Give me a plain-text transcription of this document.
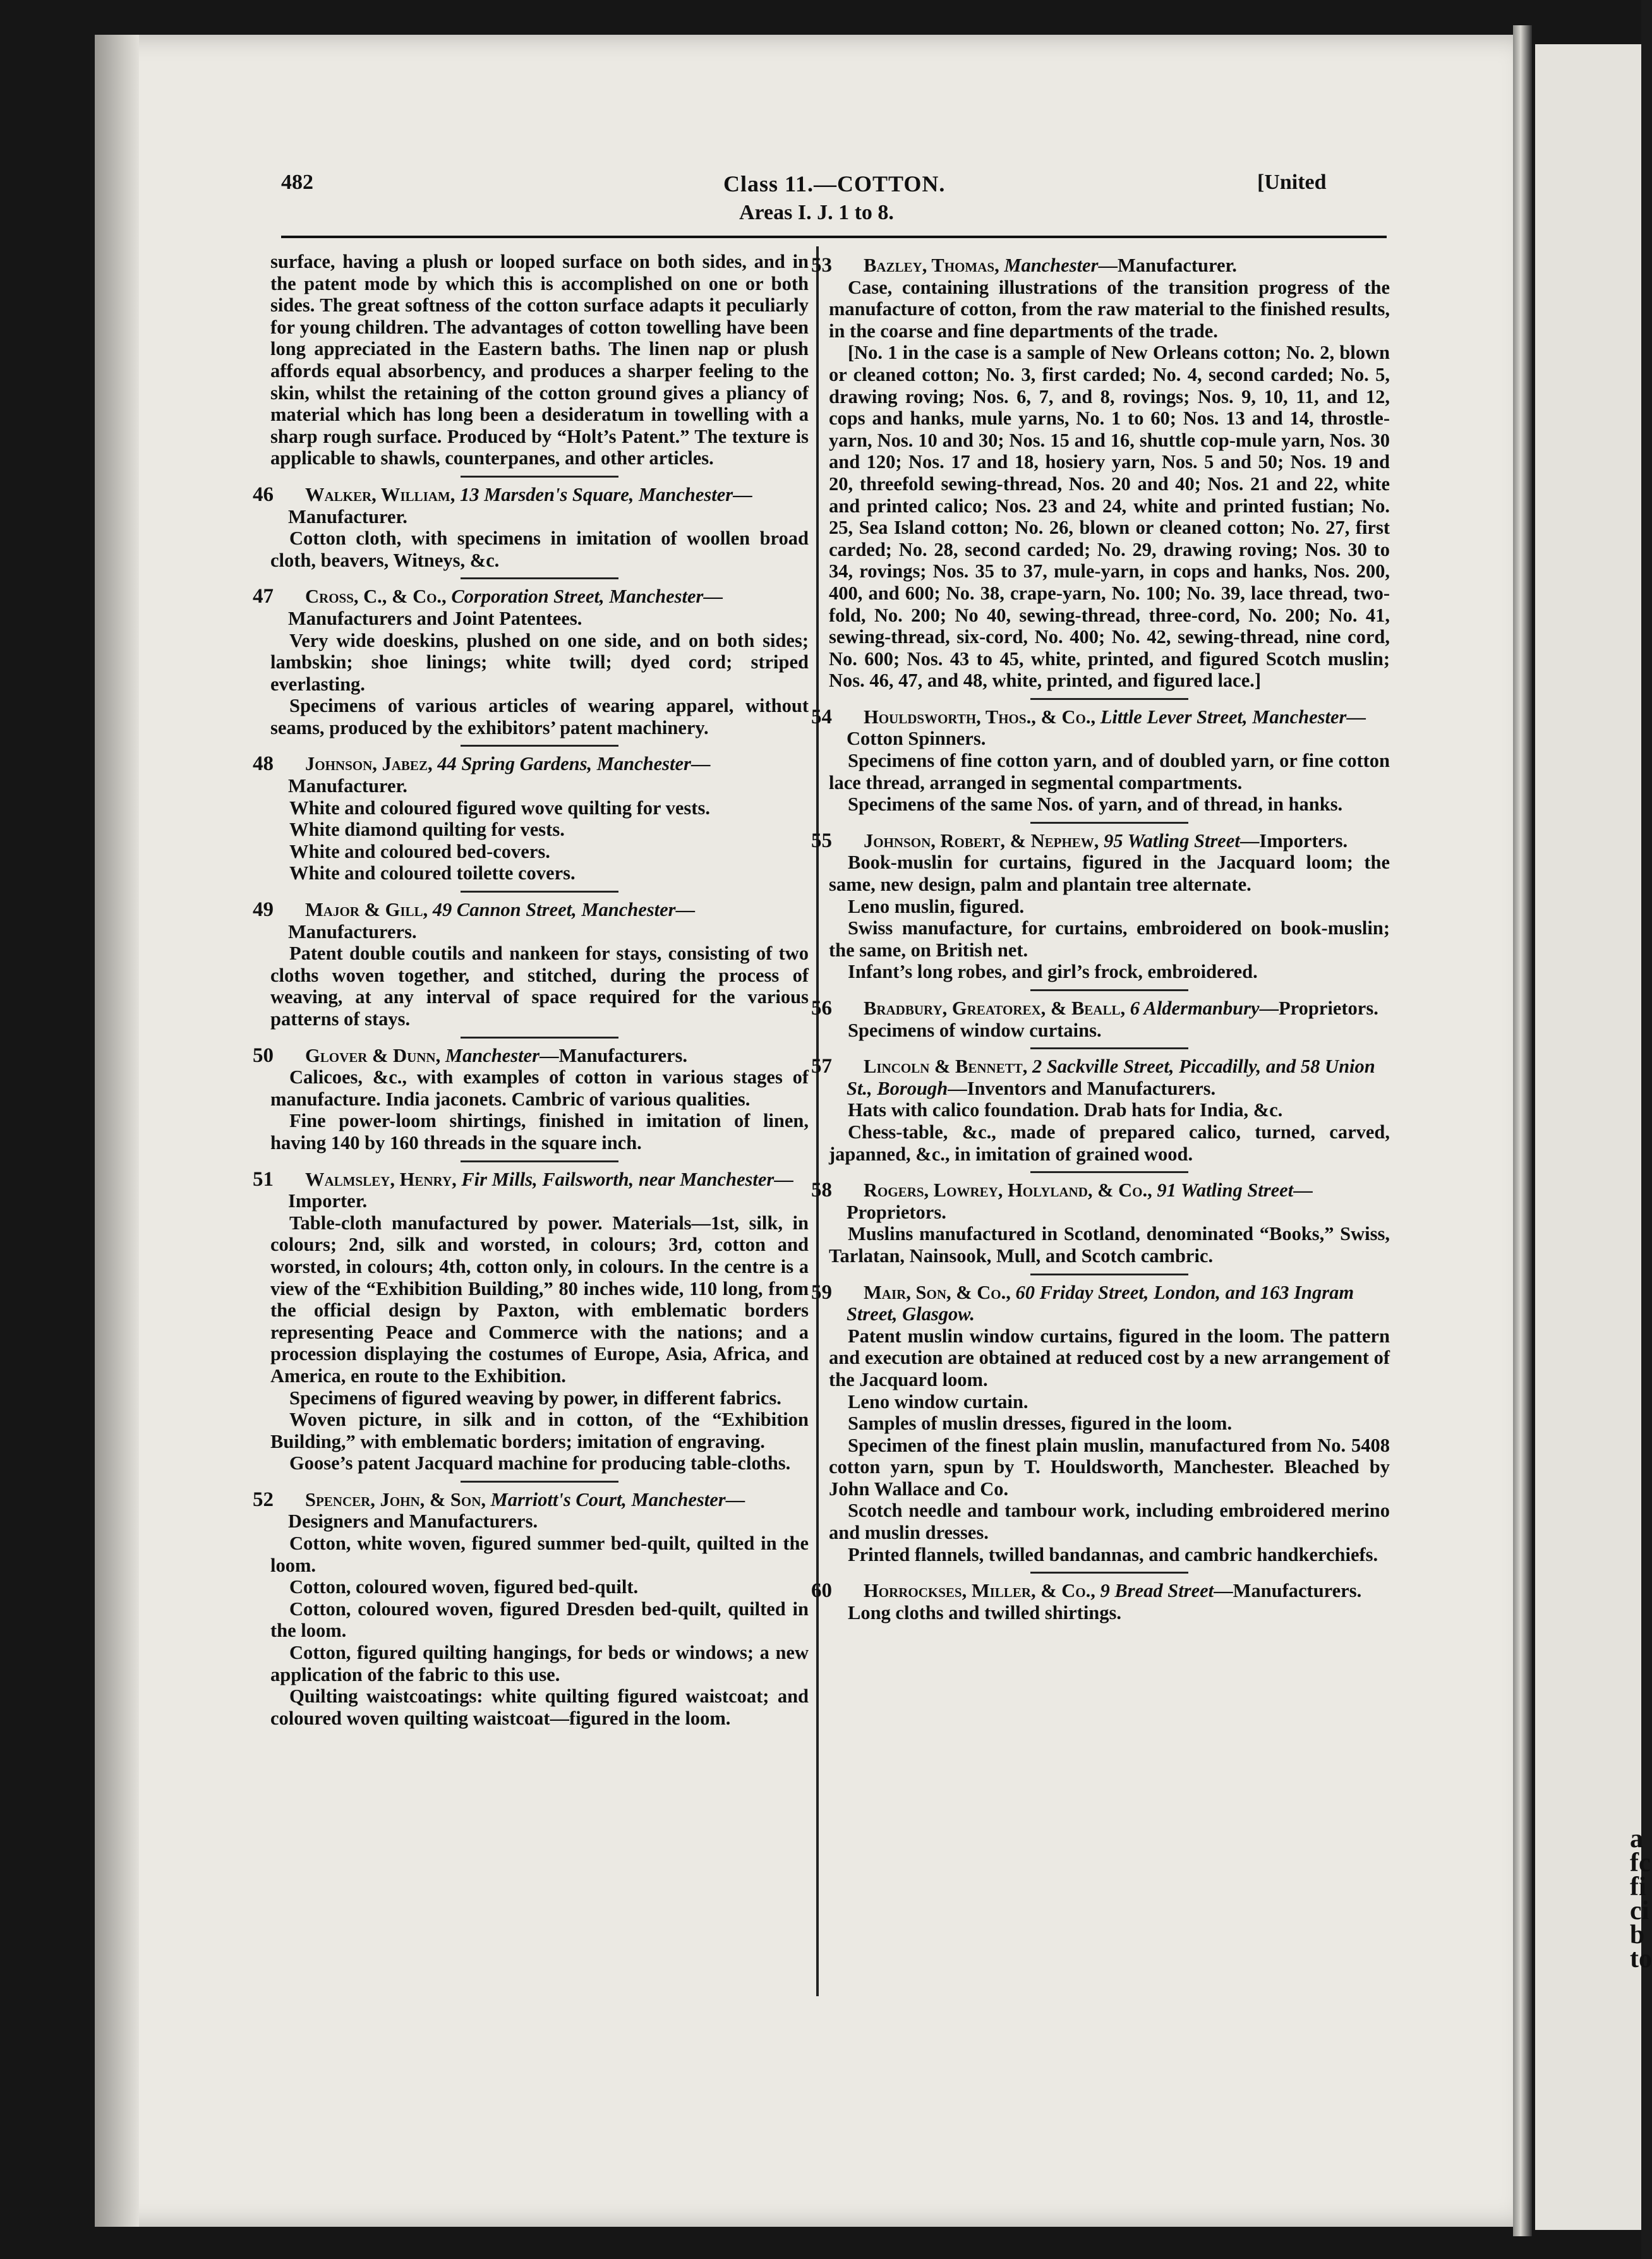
a
fc
fi
ci
b
to
482	Class 11.—COTTON.	[United
Areas I. J. 1 to 8.

surface, having a plush or looped surface on both sides, and in the patent mode by which this is accomplished on one or both sides. The great softness of the cotton surface adapts it peculiarly for young children. The advantages of cotton towelling have been long appreciated in the Eastern baths. The linen nap or plush affords equal absorbency, and produces a sharper feeling to the skin, whilst the retaining of the cotton ground gives a pliancy of material which has long been a desideratum in towelling with a sharp rough surface. Produced by “Holt’s Patent.” The texture is applicable to shawls, counterpanes, and other articles.

46 Walker, William, 13 Marsden's Square, Manchester—Manufacturer.

Cotton cloth, with specimens in imitation of woollen broad cloth, beavers, Witneys, &c.

47 Cross, C., & Co., Corporation Street, Manchester—Manufacturers and Joint Patentees.

Very wide doeskins, plushed on one side, and on both sides; lambskin; shoe linings; white twill; dyed cord; striped everlasting.

Specimens of various articles of wearing apparel, without seams, produced by the exhibitors’ patent machinery.

48 Johnson, Jabez, 44 Spring Gardens, Manchester—Manufacturer.

White and coloured figured wove quilting for vests.

White diamond quilting for vests.

White and coloured bed-covers.

White and coloured toilette covers.

49 Major & Gill, 49 Cannon Street, Manchester—Manufacturers.

Patent double coutils and nankeen for stays, consisting of two cloths woven together, and stitched, during the process of weaving, at any interval of space required for the various patterns of stays.

50 Glover & Dunn, Manchester—Manufacturers.

Calicoes, &c., with examples of cotton in various stages of manufacture. India jaconets. Cambric of various qualities.

Fine power-loom shirtings, finished in imitation of linen, having 140 by 160 threads in the square inch.

51 Walmsley, Henry, Fir Mills, Failsworth, near Manchester—Importer.

Table-cloth manufactured by power. Materials—1st, silk, in colours; 2nd, silk and worsted, in colours; 3rd, cotton and worsted, in colours; 4th, cotton only, in colours. In the centre is a view of the “Exhibition Building,” 80 inches wide, 110 long, from the official design by Paxton, with emblematic borders representing Peace and Commerce with the nations; and a procession displaying the costumes of Europe, Asia, Africa, and America, en route to the Exhibition.

Specimens of figured weaving by power, in different fabrics.

Woven picture, in silk and in cotton, of the “Exhibition Building,” with emblematic borders; imitation of engraving.

Goose’s patent Jacquard machine for producing table-cloths.

52 Spencer, John, & Son, Marriott's Court, Manchester—Designers and Manufacturers.

Cotton, white woven, figured summer bed-quilt, quilted in the loom.

Cotton, coloured woven, figured bed-quilt.

Cotton, coloured woven, figured Dresden bed-quilt, quilted in the loom.

Cotton, figured quilting hangings, for beds or windows; a new application of the fabric to this use.

Quilting waistcoatings: white quilting figured waistcoat; and coloured woven quilting waistcoat—figured in the loom.

53 Bazley, Thomas, Manchester—Manufacturer.

Case, containing illustrations of the transition progress of the manufacture of cotton, from the raw material to the finished results, in the coarse and fine departments of the trade.

[No. 1 in the case is a sample of New Orleans cotton; No. 2, blown or cleaned cotton; No. 3, first carded; No. 4, second carded; No. 5, drawing roving; Nos. 6, 7, and 8, rovings; Nos. 9, 10, 11, and 12, cops and hanks, mule yarns, No. 1 to 60; Nos. 13 and 14, throstle-yarn, Nos. 10 and 30; Nos. 15 and 16, shuttle cop-mule yarn, Nos. 30 and 120; Nos. 17 and 18, hosiery yarn, Nos. 5 and 50; Nos. 19 and 20, threefold sewing-thread, Nos. 20 and 40; Nos. 21 and 22, white and printed calico; Nos. 23 and 24, white and printed fustian; No. 25, Sea Island cotton; No. 26, blown or cleaned cotton; No. 27, first carded; No. 28, second carded; No. 29, drawing roving; Nos. 30 to 34, rovings; Nos. 35 to 37, mule-yarn, in cops and hanks, Nos. 200, 400, and 600; No. 38, crape-yarn, No. 100; No. 39, lace thread, two-fold, No. 200; No 40, sewing-thread, three-cord, No. 200; No. 41, sewing-thread, six-cord, No. 400; No. 42, sewing-thread, nine cord, No. 600; Nos. 43 to 45, white, printed, and figured Scotch muslin; Nos. 46, 47, and 48, white, printed, and figured lace.]

54 Houldsworth, Thos., & Co., Little Lever Street, Manchester—Cotton Spinners.

Specimens of fine cotton yarn, and of doubled yarn, or fine cotton lace thread, arranged in segmental compartments.

Specimens of the same Nos. of yarn, and of thread, in hanks.

55 Johnson, Robert, & Nephew, 95 Watling Street—Importers.

Book-muslin for curtains, figured in the Jacquard loom; the same, new design, palm and plantain tree alternate.

Leno muslin, figured.

Swiss manufacture, for curtains, embroidered on book-muslin; the same, on British net.

Infant’s long robes, and girl’s frock, embroidered.

56 Bradbury, Greatorex, & Beall, 6 Aldermanbury—Proprietors.

Specimens of window curtains.

57 Lincoln & Bennett, 2 Sackville Street, Piccadilly, and 58 Union St., Borough—Inventors and Manufacturers.

Hats with calico foundation. Drab hats for India, &c.

Chess-table, &c., made of prepared calico, turned, carved, japanned, &c., in imitation of grained wood.

58 Rogers, Lowrey, Holyland, & Co., 91 Watling Street—Proprietors.

Muslins manufactured in Scotland, denominated “Books,” Swiss, Tarlatan, Nainsook, Mull, and Scotch cambric.

59 Mair, Son, & Co., 60 Friday Street, London, and 163 Ingram Street, Glasgow.

Patent muslin window curtains, figured in the loom. The pattern and execution are obtained at reduced cost by a new arrangement of the Jacquard loom.

Leno window curtain.

Samples of muslin dresses, figured in the loom.

Specimen of the finest plain muslin, manufactured from No. 5408 cotton yarn, spun by T. Houldsworth, Manchester. Bleached by John Wallace and Co.

Scotch needle and tambour work, including embroidered merino and muslin dresses.

Printed flannels, twilled bandannas, and cambric handkerchiefs.

60 Horrockses, Miller, & Co., 9 Bread Street—Manufacturers.

Long cloths and twilled shirtings.
